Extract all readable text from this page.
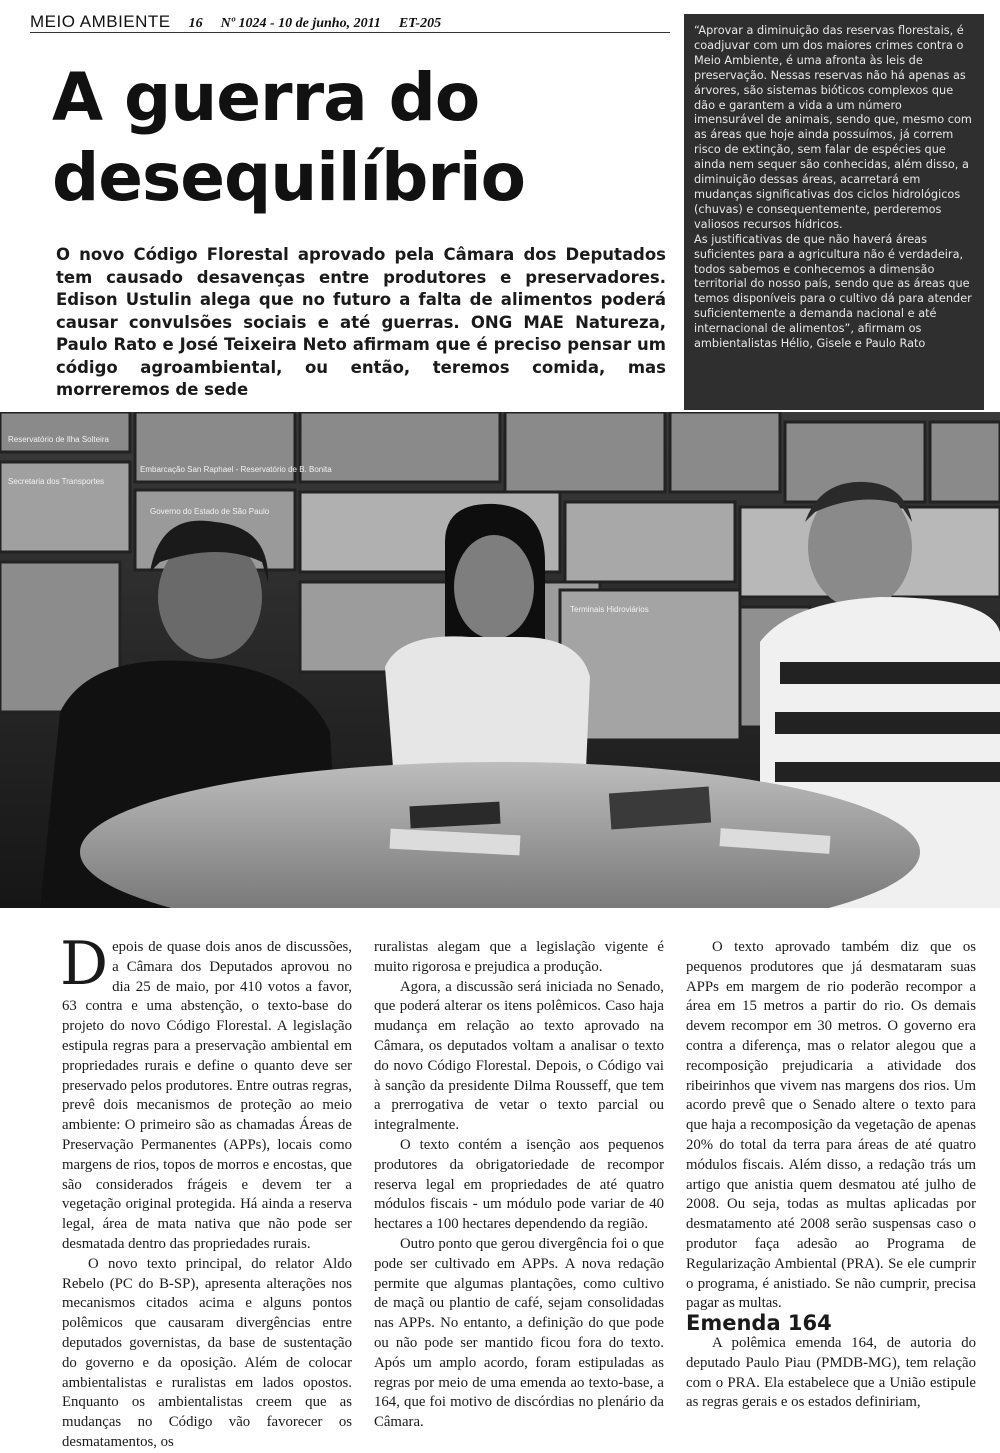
MEIO AMBIENTE 16 Nº 1024 - 10 de junho, 2011 ET-205
A guerra do
desequilíbrio
O novo Código Florestal aprovado pela Câmara dos Deputados tem causado desavenças entre produtores e preservadores. Edison Ustulin alega que no futuro a falta de alimentos poderá causar convulsões sociais e até guerras. ONG MAE Natureza, Paulo Rato e José Teixeira Neto afirmam que é preciso pensar um código agroambiental, ou então, teremos comida, mas morreremos de sede

“Aprovar a diminuição das reservas florestais, é coadjuvar com um dos maiores crimes contra o Meio Ambiente, é uma afronta às leis de preservação. Nessas reservas não há apenas as árvores, são sistemas bióticos complexos que dão e garantem a vida a um número imensurável de animais, sendo que, mesmo com as áreas que hoje ainda possuímos, já correm risco de extinção, sem falar de espécies que ainda nem sequer são conhecidas, além disso, a diminuição dessas áreas, acarretará em mudanças significativas dos ciclos hidrológicos (chuvas) e consequentemente, perderemos valiosos recursos hídricos.

As justificativas de que não haverá áreas suficientes para a agricultura não é verdadeira, todos sabemos e conhecemos a dimensão territorial do nosso país, sendo que as áreas que temos disponíveis para o cultivo dá para atender suficientemente a demanda nacional e até internacional de alimentos”, afirmam os ambientalistas Hélio, Gisele e Paulo Rato

Secretaria dos Transportes
Governo do Estado de São Paulo
Embarcação San Raphael - Reservatório de B. Bonita
Reservatório de Ilha Solteira
Terminais Hidroviários

Depois de quase dois anos de discussões, a Câmara dos Deputados aprovou no dia 25 de maio, por 410 votos a favor, 63 contra e uma abstenção, o texto-base do projeto do novo Código Florestal. A legislação estipula regras para a preservação ambiental em propriedades rurais e define o quanto deve ser preservado pelos produtores. Entre outras regras, prevê dois mecanismos de proteção ao meio ambiente: O primeiro são as chamadas Áreas de Preservação Permanentes (APPs), locais como margens de rios, topos de morros e encostas, que são considerados frágeis e devem ter a vegetação original protegida. Há ainda a reserva legal, área de mata nativa que não pode ser desmatada dentro das propriedades rurais.

O novo texto principal, do relator Aldo Rebelo (PC do B-SP), apresenta alterações nos mecanismos citados acima e alguns pontos polêmicos que causaram divergências entre deputados governistas, da base de sustentação do governo e da oposição. Além de colocar ambientalistas e ruralistas em lados opostos. Enquanto os ambientalistas creem que as mudanças no Código vão favorecer os desmatamentos, os

ruralistas alegam que a legislação vigente é muito rigorosa e prejudica a produção.

Agora, a discussão será iniciada no Senado, que poderá alterar os itens polêmicos. Caso haja mudança em relação ao texto aprovado na Câmara, os deputados voltam a analisar o texto do novo Código Florestal. Depois, o Código vai à sanção da presidente Dilma Rousseff, que tem a prerrogativa de vetar o texto parcial ou integralmente.

O texto contém a isenção aos pequenos produtores da obrigatoriedade de recompor reserva legal em propriedades de até quatro módulos fiscais - um módulo pode variar de 40 hectares a 100 hectares dependendo da região.

Outro ponto que gerou divergência foi o que pode ser cultivado em APPs. A nova redação permite que algumas plantações, como cultivo de maçã ou plantio de café, sejam consolidadas nas APPs. No entanto, a definição do que pode ou não pode ser mantido ficou fora do texto. Após um amplo acordo, foram estipuladas as regras por meio de uma emenda ao texto-base, a 164, que foi motivo de discórdias no plenário da Câmara.

O texto aprovado também diz que os pequenos produtores que já desmataram suas APPs em margem de rio poderão recompor a área em 15 metros a partir do rio. Os demais devem recompor em 30 metros. O governo era contra a diferença, mas o relator alegou que a recomposição prejudicaria a atividade dos ribeirinhos que vivem nas margens dos rios. Um acordo prevê que o Senado altere o texto para que haja a recomposição da vegetação de apenas 20% do total da terra para áreas de até quatro módulos fiscais. Além disso, a redação trás um artigo que anistia quem desmatou até julho de 2008. Ou seja, todas as multas aplicadas por desmatamento até 2008 serão suspensas caso o produtor faça adesão ao Programa de Regularização Ambiental (PRA). Se ele cumprir o programa, é anistiado. Se não cumprir, precisa pagar as multas.

Emenda 164

A polêmica emenda 164, de autoria do deputado Paulo Piau (PMDB-MG), tem relação com o PRA. Ela estabelece que a União estipule as regras gerais e os estados definiriam,
